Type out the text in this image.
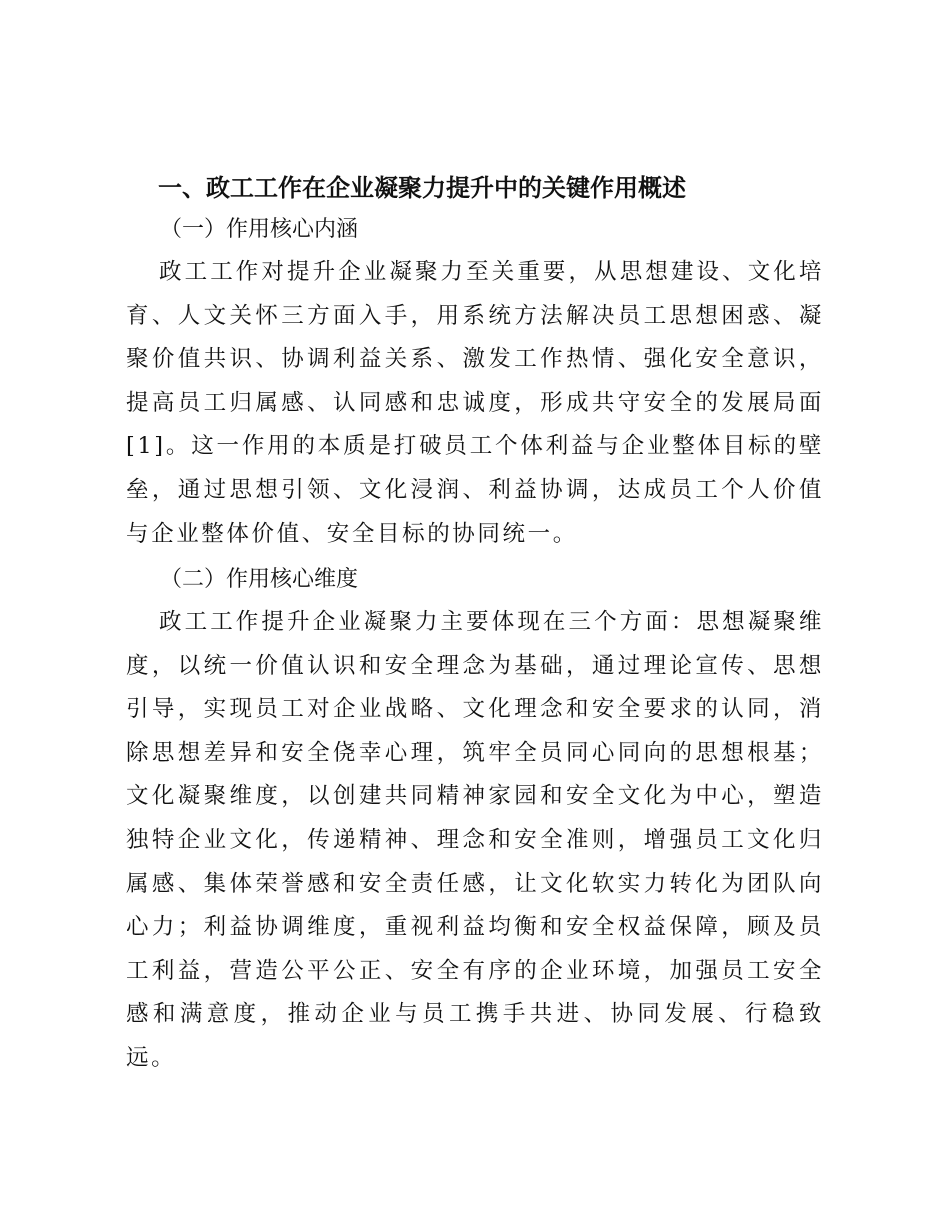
一、政工工作在企业凝聚力提升中的关键作用概述
（一）作用核心内涵

政工工作对提升企业凝聚力至关重要，从思想建设、文化培育、人文关怀三方面入手，用系统方法解决员工思想困惑、凝聚价值共识、协调利益关系、激发工作热情、强化安全意识，提高员工归属感、认同感和忠诚度，形成共守安全的发展局面[1]。这一作用的本质是打破员工个体利益与企业整体目标的壁垒，通过思想引领、文化浸润、利益协调，达成员工个人价值与企业整体价值、安全目标的协同统一。

（二）作用核心维度

政工工作提升企业凝聚力主要体现在三个方面：思想凝聚维度，以统一价值认识和安全理念为基础，通过理论宣传、思想引导，实现员工对企业战略、文化理念和安全要求的认同，消除思想差异和安全侥幸心理，筑牢全员同心同向的思想根基；文化凝聚维度，以创建共同精神家园和安全文化为中心，塑造独特企业文化，传递精神、理念和安全准则，增强员工文化归属感、集体荣誉感和安全责任感，让文化软实力转化为团队向心力；利益协调维度，重视利益均衡和安全权益保障，顾及员工利益，营造公平公正、安全有序的企业环境，加强员工安全感和满意度，推动企业与员工携手共进、协同发展、行稳致远。
